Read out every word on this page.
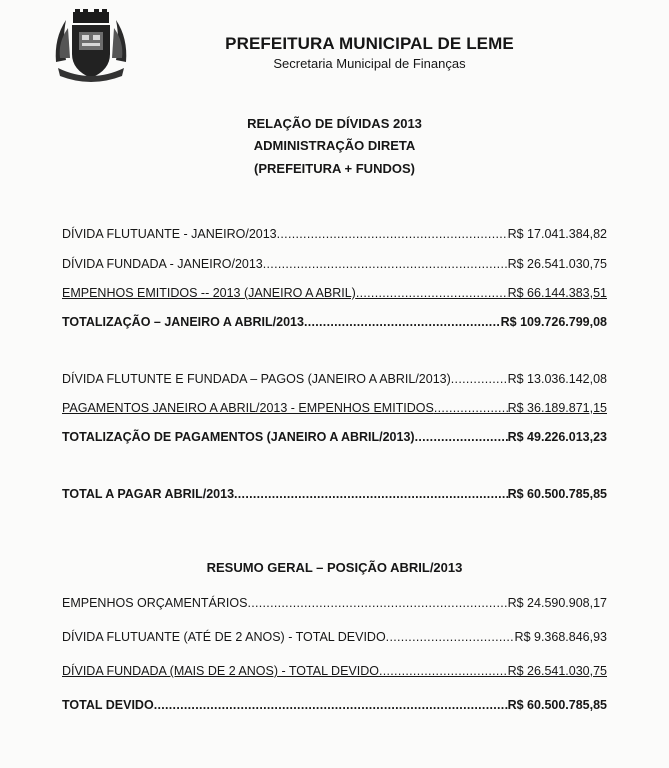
PREFEITURA MUNICIPAL DE LEME
Secretaria Municipal de Finanças
RELAÇÃO DE DÍVIDAS 2013
ADMINISTRAÇÃO DIRETA
(PREFEITURA + FUNDOS)
DÍVIDA FLUTUANTE - JANEIRO/2013 .....	R$ 17.041.384,82
DÍVIDA FUNDADA - JANEIRO/2013 .....	R$ 26.541.030,75
EMPENHOS EMITIDOS -- 2013 (JANEIRO A ABRIL) .....	R$ 66.144.383,51
TOTALIZAÇÃO – JANEIRO A ABRIL/2013 .....	R$ 109.726.799,08
DÍVIDA FLUTUNTE E FUNDADA – PAGOS (JANEIRO A ABRIL/2013) .....	R$ 13.036.142,08
PAGAMENTOS JANEIRO A ABRIL/2013 - EMPENHOS EMITIDOS .....	R$ 36.189.871,15
TOTALIZAÇÃO DE PAGAMENTOS (JANEIRO A ABRIL/2013) .....	R$ 49.226.013,23
TOTAL A PAGAR ABRIL/2013 .....	R$ 60.500.785,85
RESUMO GERAL – POSIÇÃO ABRIL/2013
EMPENHOS ORÇAMENTÁRIOS .....	R$ 24.590.908,17
DÍVIDA FLUTUANTE (ATÉ DE 2 ANOS) - TOTAL DEVIDO .....	R$ 9.368.846,93
DÍVIDA FUNDADA (MAIS DE 2 ANOS) - TOTAL DEVIDO .....	R$ 26.541.030,75
TOTAL DEVIDO .....	R$ 60.500.785,85
